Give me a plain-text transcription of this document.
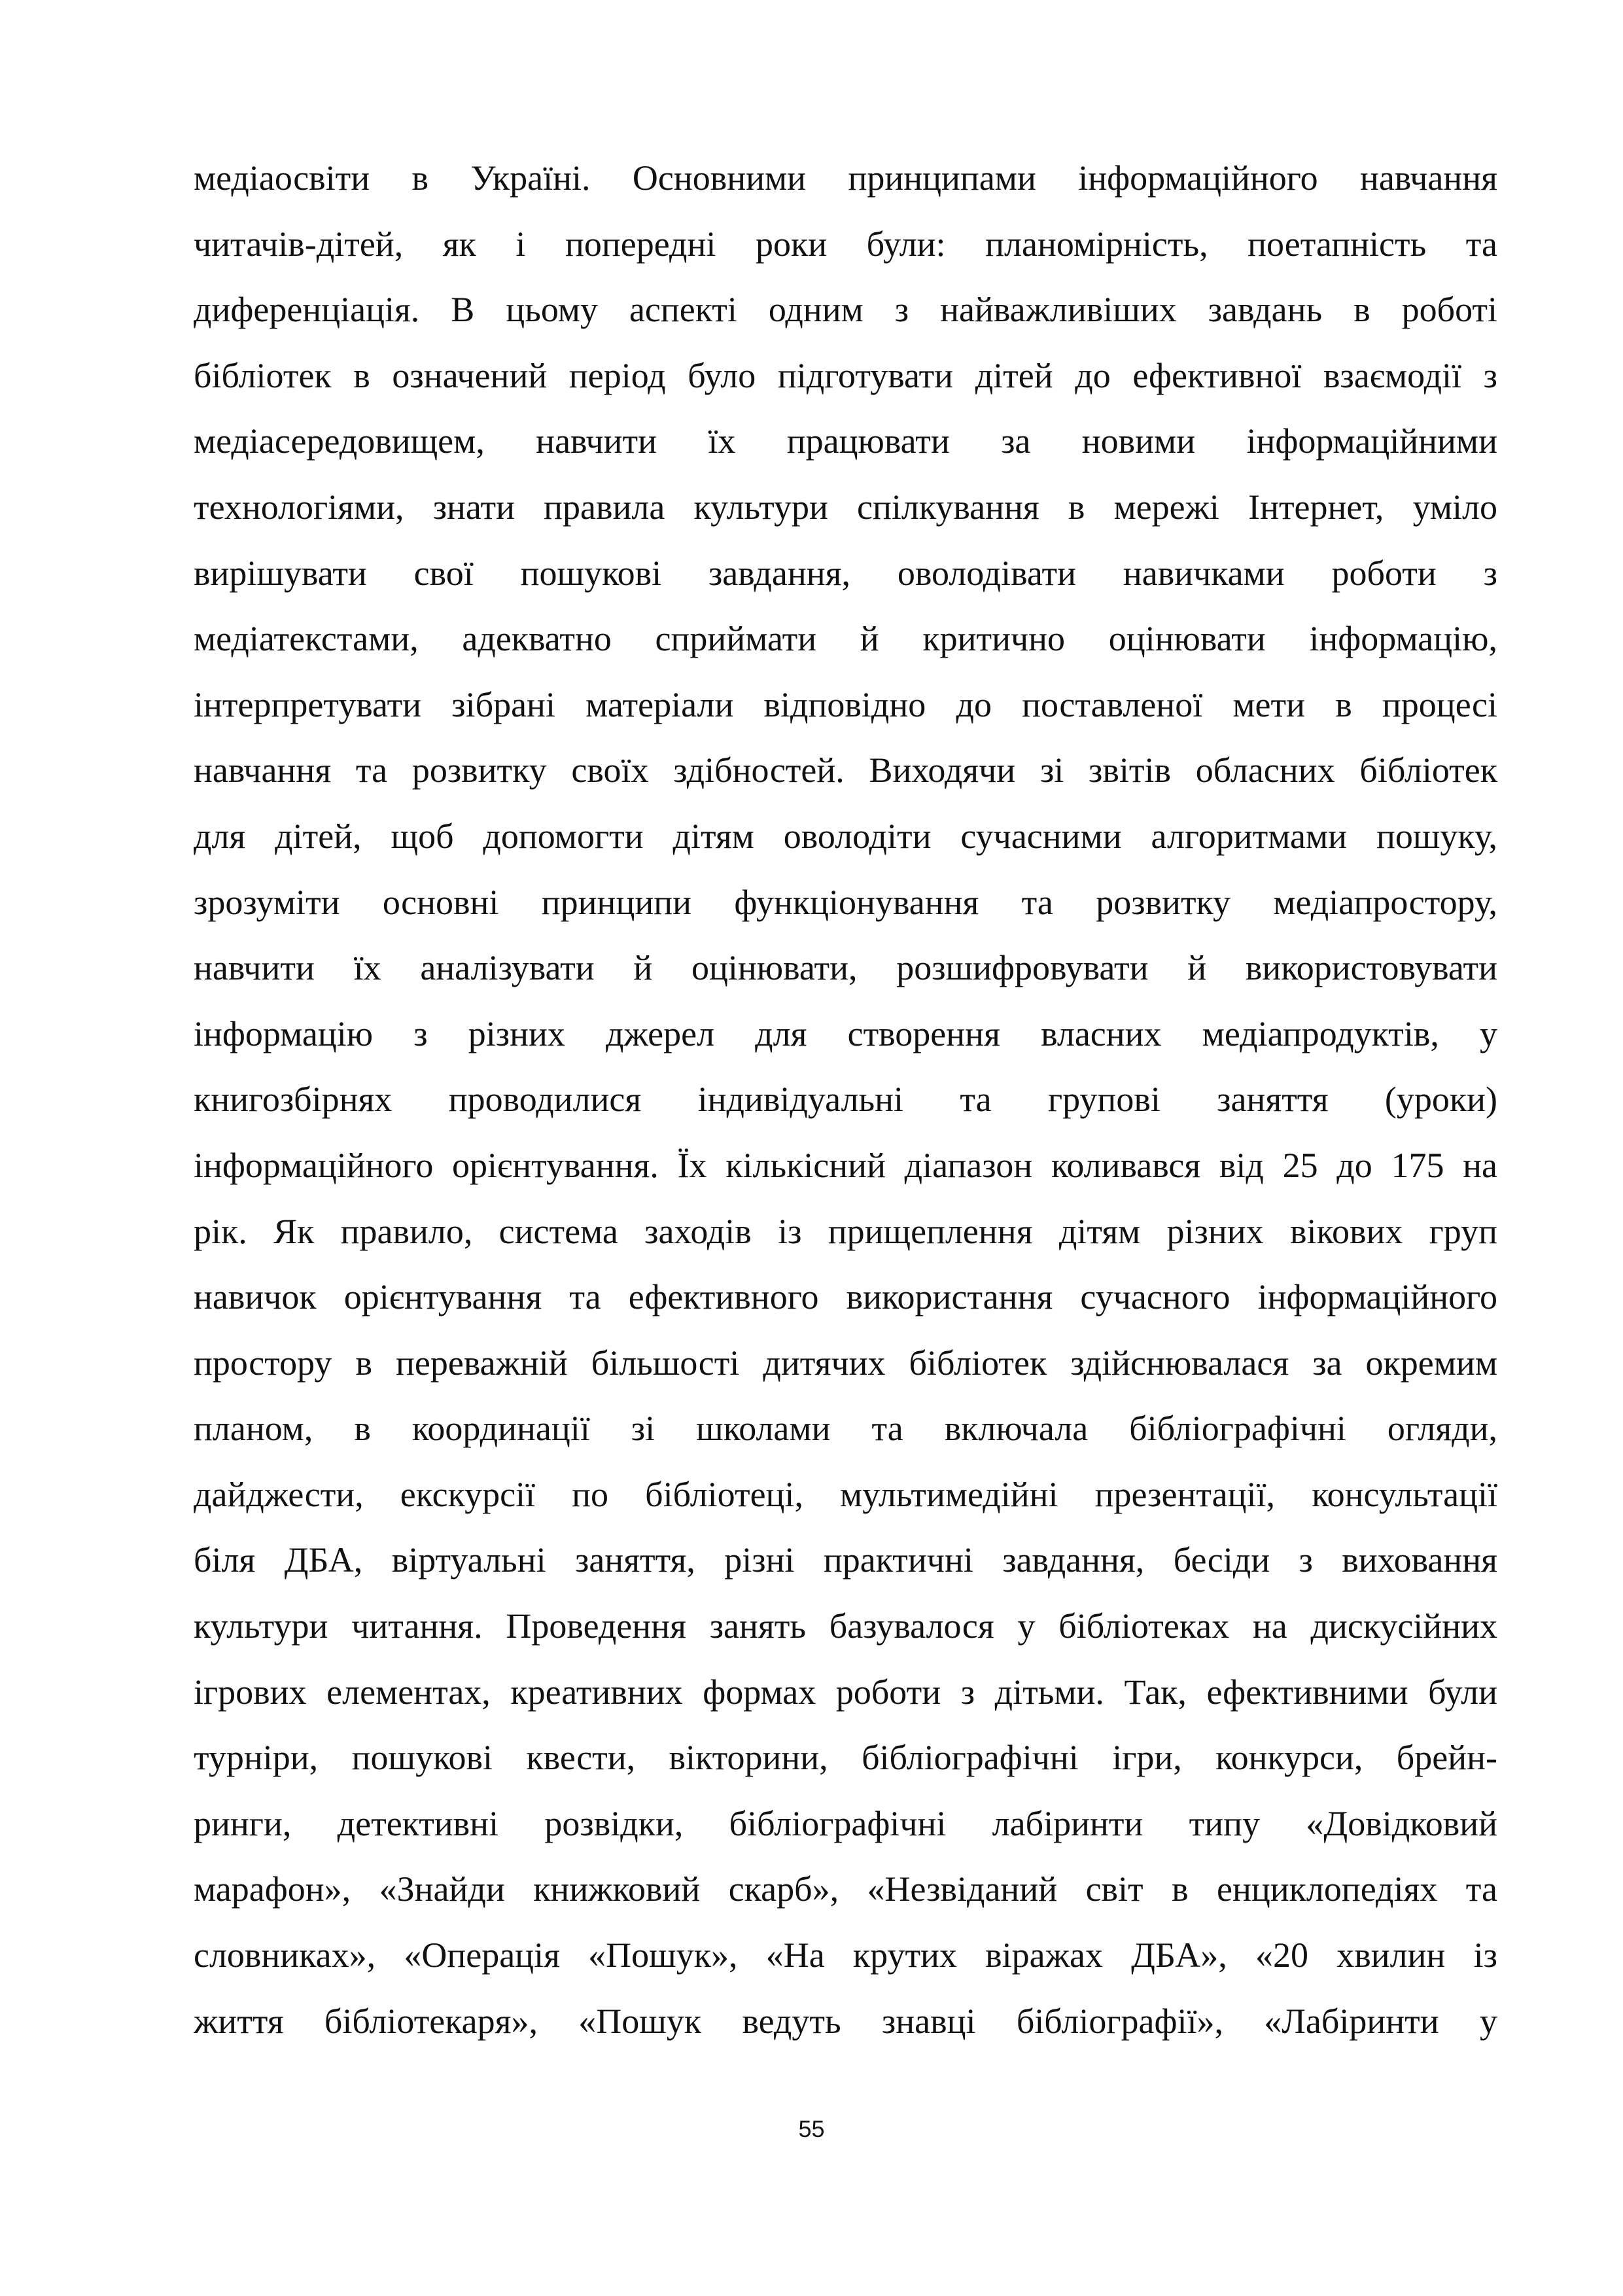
медіаосвіти в Україні. Основними принципами інформаційного навчання
читачів-дітей, як і попередні роки були: планомірність, поетапність та
диференціація. В цьому аспекті одним з найважливіших завдань в роботі
бібліотек в означений період було підготувати дітей до ефективної взаємодії з
медіасередовищем, навчити їх працювати за новими інформаційними
технологіями, знати правила культури спілкування в мережі Інтернет, уміло
вирішувати свої пошукові завдання, оволодівати навичками роботи з
медіатекстами, адекватно сприймати й критично оцінювати інформацію,
інтерпретувати зібрані матеріали відповідно до поставленої мети в процесі
навчання та розвитку своїх здібностей. Виходячи зі звітів обласних бібліотек
для дітей, щоб допомогти дітям оволодіти сучасними алгоритмами пошуку,
зрозуміти основні принципи функціонування та розвитку медіапростору,
навчити їх аналізувати й оцінювати, розшифровувати й використовувати
інформацію з різних джерел для створення власних медіапродуктів, у
книгозбірнях проводилися індивідуальні та групові заняття (уроки)
інформаційного орієнтування. Їх кількісний діапазон коливався від 25 до 175 на
рік. Як правило, система заходів із прищеплення дітям різних вікових груп
навичок орієнтування та ефективного використання сучасного інформаційного
простору в переважній більшості дитячих бібліотек здійснювалася за окремим
планом, в координації зі школами та включала бібліографічні огляди,
дайджести, екскурсії по бібліотеці, мультимедійні презентації, консультації
біля ДБА, віртуальні заняття, різні практичні завдання, бесіди з виховання
культури читання. Проведення занять базувалося у бібліотеках на дискусійних
ігрових елементах, креативних формах роботи з дітьми. Так, ефективними були
турніри, пошукові квести, вікторини, бібліографічні ігри, конкурси, брейн-
ринги, детективні розвідки, бібліографічні лабіринти типу «Довідковий
марафон», «Знайди книжковий скарб», «Незвіданий світ в енциклопедіях та
словниках», «Операція «Пошук», «На крутих віражах ДБА», «20 хвилин із
життя бібліотекаря», «Пошук ведуть знавці бібліографії», «Лабіринти у
55
